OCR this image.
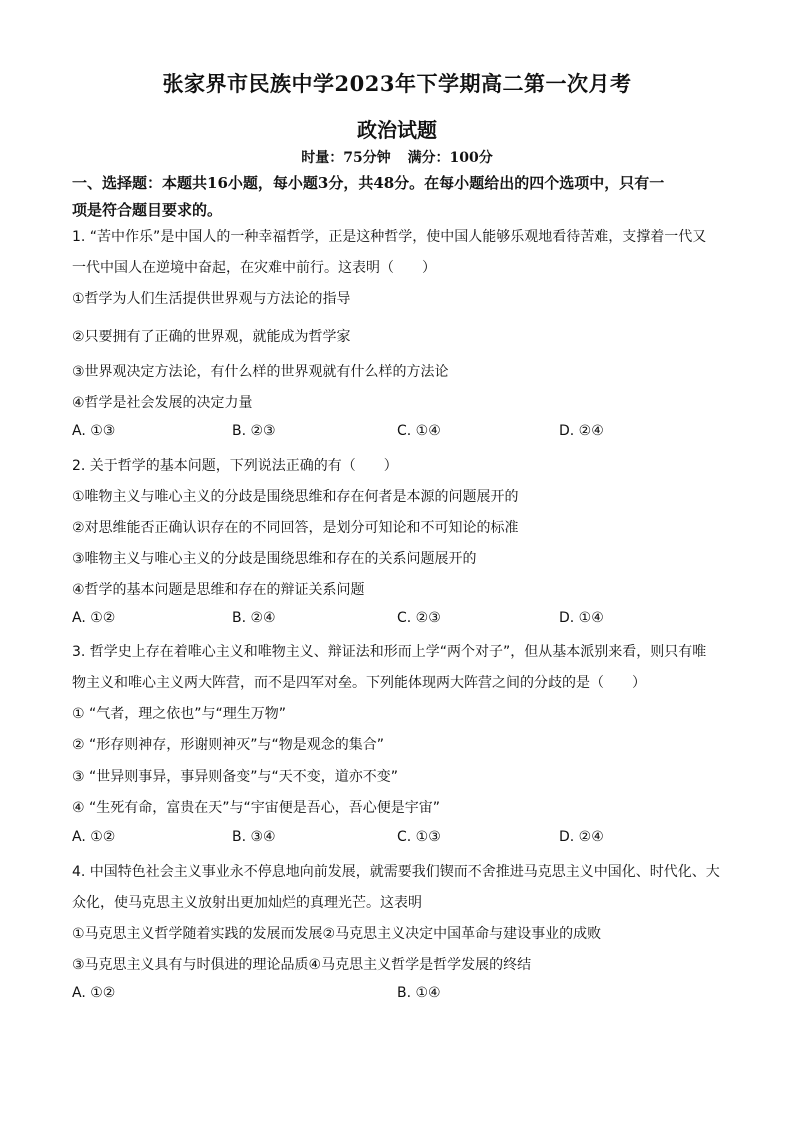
张家界市民族中学2023年下学期高二第一次月考
政治试题
时量：75分钟 满分：100分
一、选择题：本题共16小题，每小题3分，共48分。在每小题给出的四个选项中，只有一
项是符合题目要求的。
1. “苦中作乐”是中国人的一种幸福哲学，正是这种哲学，使中国人能够乐观地看待苦难，支撑着一代又
一代中国人在逆境中奋起，在灾难中前行。这表明（　　）
①哲学为人们生活提供世界观与方法论的指导
②只要拥有了正确的世界观，就能成为哲学家
③世界观决定方法论，有什么样的世界观就有什么样的方法论
④哲学是社会发展的决定力量
A. ①③	B. ②③	C. ①④	D. ②④
2. 关于哲学的基本问题，下列说法正确的有（　　）
①唯物主义与唯心主义的分歧是围绕思维和存在何者是本源的问题展开的
②对思维能否正确认识存在的不同回答，是划分可知论和不可知论的标准
③唯物主义与唯心主义的分歧是围绕思维和存在的关系问题展开的
④哲学的基本问题是思维和存在的辩证关系问题
A. ①②	B. ②④	C. ②③	D. ①④
3. 哲学史上存在着唯心主义和唯物主义、辩证法和形而上学“两个对子”，但从基本派别来看，则只有唯
物主义和唯心主义两大阵营，而不是四军对垒。下列能体现两大阵营之间的分歧的是（　　）
① “气者，理之依也”与“理生万物”
② “形存则神存，形谢则神灭”与“物是观念的集合”
③ “世异则事异，事异则备变”与“天不变，道亦不变”
④ “生死有命，富贵在天”与“宇宙便是吾心，吾心便是宇宙”
A. ①②	B. ③④	C. ①③	D. ②④
4. 中国特色社会主义事业永不停息地向前发展，就需要我们锲而不舍推进马克思主义中国化、时代化、大
众化，使马克思主义放射出更加灿烂的真理光芒。这表明
①马克思主义哲学随着实践的发展而发展②马克思主义决定中国革命与建设事业的成败
③马克思主义具有与时俱进的理论品质④马克思主义哲学是哲学发展的终结
A. ①②	B. ①④
